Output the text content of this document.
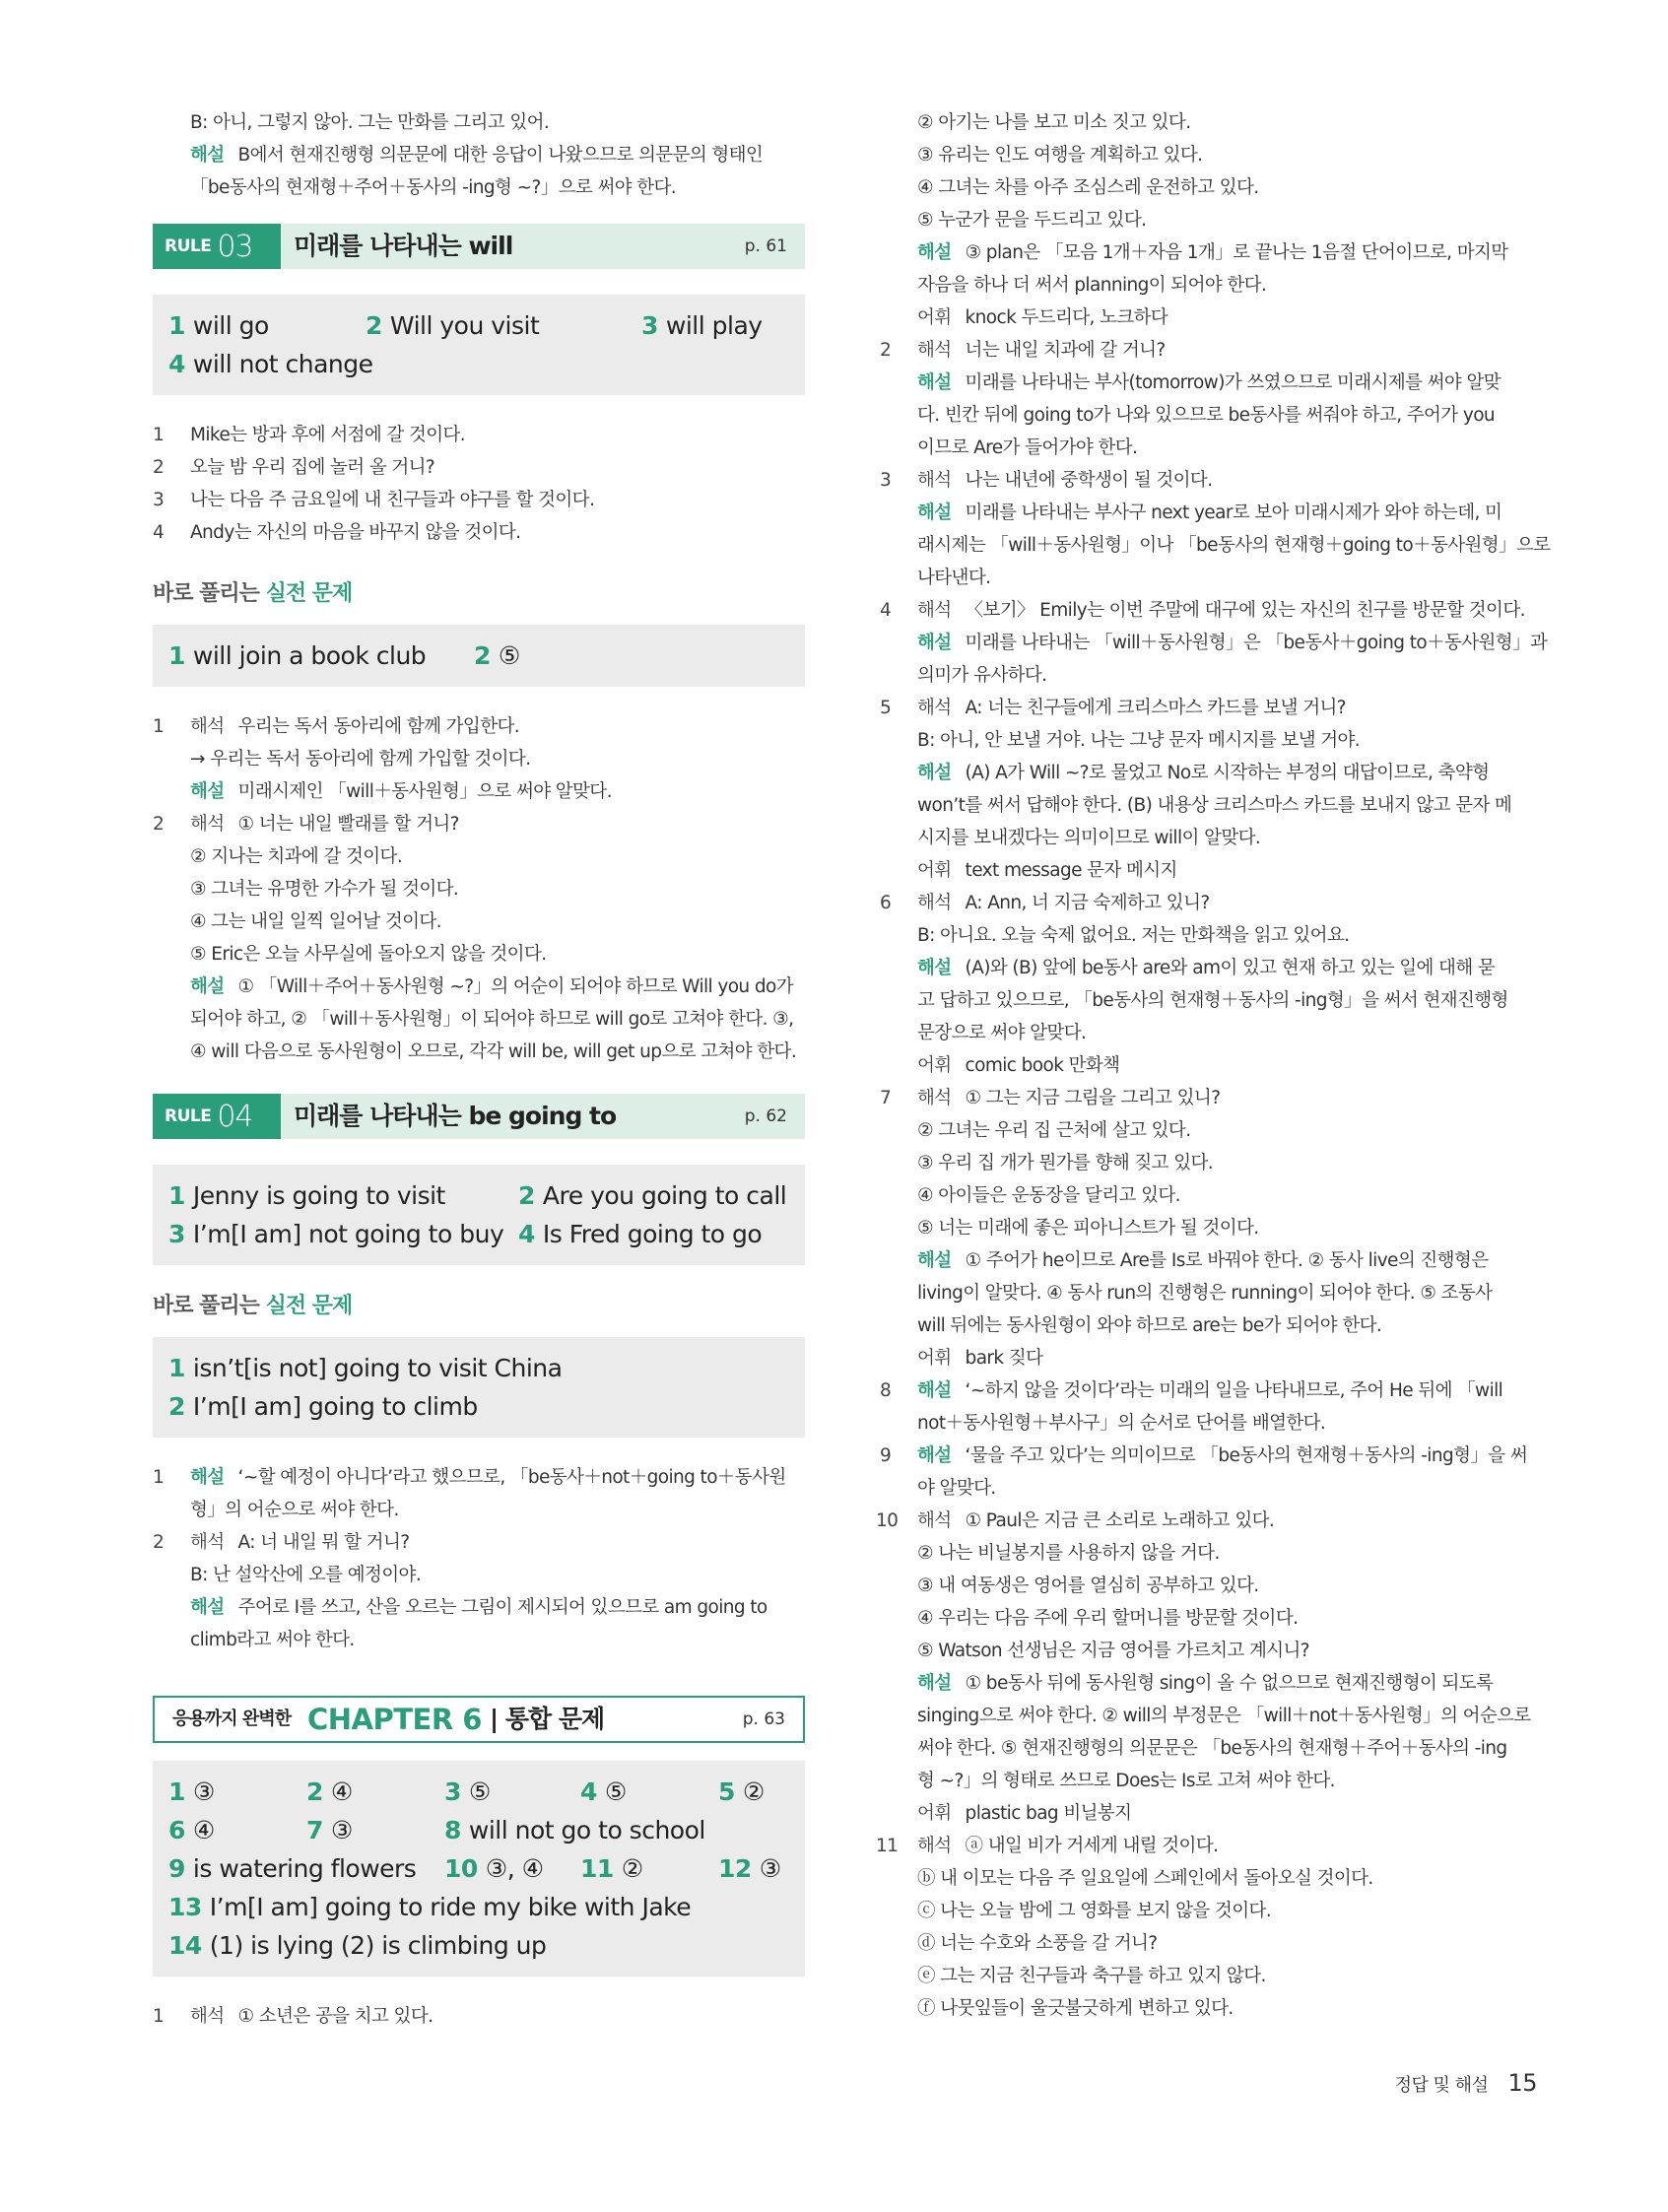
B: 아니, 그렇지 않아. 그는 만화를 그리고 있어.
해설 B에서 현재진행형 의문문에 대한 응답이 나왔으므로 의문문의 형태인
「be동사의 현재형＋주어＋동사의 -ing형 ~?」으로 써야 한다.
RULE 03 미래를 나타내는 will	p. 61
1 will go	2 Will you visit	3 will play
4 will not change
1 Mike는 방과 후에 서점에 갈 것이다.
2 오늘 밤 우리 집에 놀러 올 거니?
3 나는 다음 주 금요일에 내 친구들과 야구를 할 것이다.
4 Andy는 자신의 마음을 바꾸지 않을 것이다.
바로 풀리는 실전 문제
1 will join a book club 2 ⑤
1 해석 우리는 독서 동아리에 함께 가입한다.
→ 우리는 독서 동아리에 함께 가입할 것이다.
해설 미래시제인 「will＋동사원형」으로 써야 알맞다.
2 해석 ① 너는 내일 빨래를 할 거니?
② 지나는 치과에 갈 것이다.
③ 그녀는 유명한 가수가 될 것이다.
④ 그는 내일 일찍 일어날 것이다.
⑤ Eric은 오늘 사무실에 돌아오지 않을 것이다.
해설 ① 「Will＋주어＋동사원형 ~?」의 어순이 되어야 하므로 Will you do가
되어야 하고, ② 「will＋동사원형」이 되어야 하므로 will go로 고쳐야 한다. ③,
④ will 다음으로 동사원형이 오므로, 각각 will be, will get up으로 고쳐야 한다.
RULE 04 미래를 나타내는 be going to	p. 62
1 Jenny is going to visit	2 Are you going to call
3 I’m[I am] not going to buy 4 Is Fred going to go
바로 풀리는 실전 문제
1 isn’t[is not] going to visit China
2 I’m[I am] going to climb
1 해설 ‘~할 예정이 아니다’라고 했으므로, 「be동사＋not＋going to＋동사원
형」의 어순으로 써야 한다.
2 해석 A: 너 내일 뭐 할 거니?
B: 난 설악산에 오를 예정이야.
해설 주어로 I를 쓰고, 산을 오르는 그림이 제시되어 있으므로 am going to
climb라고 써야 한다.
응용까지 완벽한 CHAPTER 6 | 통합 문제	p. 63
1 ③	2 ④	3 ⑤	4 ⑤	5 ②
6 ④	7 ③	8 will not go to school
9 is watering flowers 10 ③, ④ 11 ②	12 ③
13 I’m[I am] going to ride my bike with Jake
14 (1) is lying (2) is climbing up
1 해석 ① 소년은 공을 치고 있다.
② 아기는 나를 보고 미소 짓고 있다.
③ 유리는 인도 여행을 계획하고 있다.
④ 그녀는 차를 아주 조심스레 운전하고 있다.
⑤ 누군가 문을 두드리고 있다.
해설 ③ plan은 「모음 1개＋자음 1개」로 끝나는 1음절 단어이므로, 마지막
자음을 하나 더 써서 planning이 되어야 한다.
어휘 knock 두드리다, 노크하다
2 해석 너는 내일 치과에 갈 거니?
해설 미래를 나타내는 부사(tomorrow)가 쓰였으므로 미래시제를 써야 알맞
다. 빈칸 뒤에 going to가 나와 있으므로 be동사를 써줘야 하고, 주어가 you
이므로 Are가 들어가야 한다.
3 해석 나는 내년에 중학생이 될 것이다.
해설 미래를 나타내는 부사구 next year로 보아 미래시제가 와야 하는데, 미
래시제는 「will＋동사원형」이나 「be동사의 현재형＋going to＋동사원형」으로
나타낸다.
4 해석 〈보기〉 Emily는 이번 주말에 대구에 있는 자신의 친구를 방문할 것이다.
해설 미래를 나타내는 「will＋동사원형」은 「be동사＋going to＋동사원형」과
의미가 유사하다.
5 해석 A: 너는 친구들에게 크리스마스 카드를 보낼 거니?
B: 아니, 안 보낼 거야. 나는 그냥 문자 메시지를 보낼 거야.
해설 (A) A가 Will ~?로 물었고 No로 시작하는 부정의 대답이므로, 축약형
won’t를 써서 답해야 한다. (B) 내용상 크리스마스 카드를 보내지 않고 문자 메
시지를 보내겠다는 의미이므로 will이 알맞다.
어휘 text message 문자 메시지
6 해석 A: Ann, 너 지금 숙제하고 있니?
B: 아니요. 오늘 숙제 없어요. 저는 만화책을 읽고 있어요.
해설 (A)와 (B) 앞에 be동사 are와 am이 있고 현재 하고 있는 일에 대해 묻
고 답하고 있으므로, 「be동사의 현재형＋동사의 -ing형」을 써서 현재진행형
문장으로 써야 알맞다.
어휘 comic book 만화책
7 해석 ① 그는 지금 그림을 그리고 있니?
② 그녀는 우리 집 근처에 살고 있다.
③ 우리 집 개가 뭔가를 향해 짖고 있다.
④ 아이들은 운동장을 달리고 있다.
⑤ 너는 미래에 좋은 피아니스트가 될 것이다.
해설 ① 주어가 he이므로 Are를 Is로 바꿔야 한다. ② 동사 live의 진행형은
living이 알맞다. ④ 동사 run의 진행형은 running이 되어야 한다. ⑤ 조동사
will 뒤에는 동사원형이 와야 하므로 are는 be가 되어야 한다.
어휘 bark 짖다
8 해설 ‘~하지 않을 것이다’라는 미래의 일을 나타내므로, 주어 He 뒤에 「will
not＋동사원형＋부사구」의 순서로 단어를 배열한다.
9 해설 ‘물을 주고 있다’는 의미이므로 「be동사의 현재형＋동사의 -ing형」을 써
야 알맞다.
10 해석 ① Paul은 지금 큰 소리로 노래하고 있다.
② 나는 비닐봉지를 사용하지 않을 거다.
③ 내 여동생은 영어를 열심히 공부하고 있다.
④ 우리는 다음 주에 우리 할머니를 방문할 것이다.
⑤ Watson 선생님은 지금 영어를 가르치고 계시니?
해설 ① be동사 뒤에 동사원형 sing이 올 수 없으므로 현재진행형이 되도록
singing으로 써야 한다. ② will의 부정문은 「will＋not＋동사원형」의 어순으로
써야 한다. ⑤ 현재진행형의 의문문은 「be동사의 현재형＋주어＋동사의 -ing
형 ~?」의 형태로 쓰므로 Does는 Is로 고쳐 써야 한다.
어휘 plastic bag 비닐봉지
11 해석 ⓐ 내일 비가 거세게 내릴 것이다.
ⓑ 내 이모는 다음 주 일요일에 스페인에서 돌아오실 것이다.
ⓒ 나는 오늘 밤에 그 영화를 보지 않을 것이다.
ⓓ 너는 수호와 소풍을 갈 거니?
ⓔ 그는 지금 친구들과 축구를 하고 있지 않다.
ⓕ 나뭇잎들이 울긋불긋하게 변하고 있다.
정답 및 해설 15
